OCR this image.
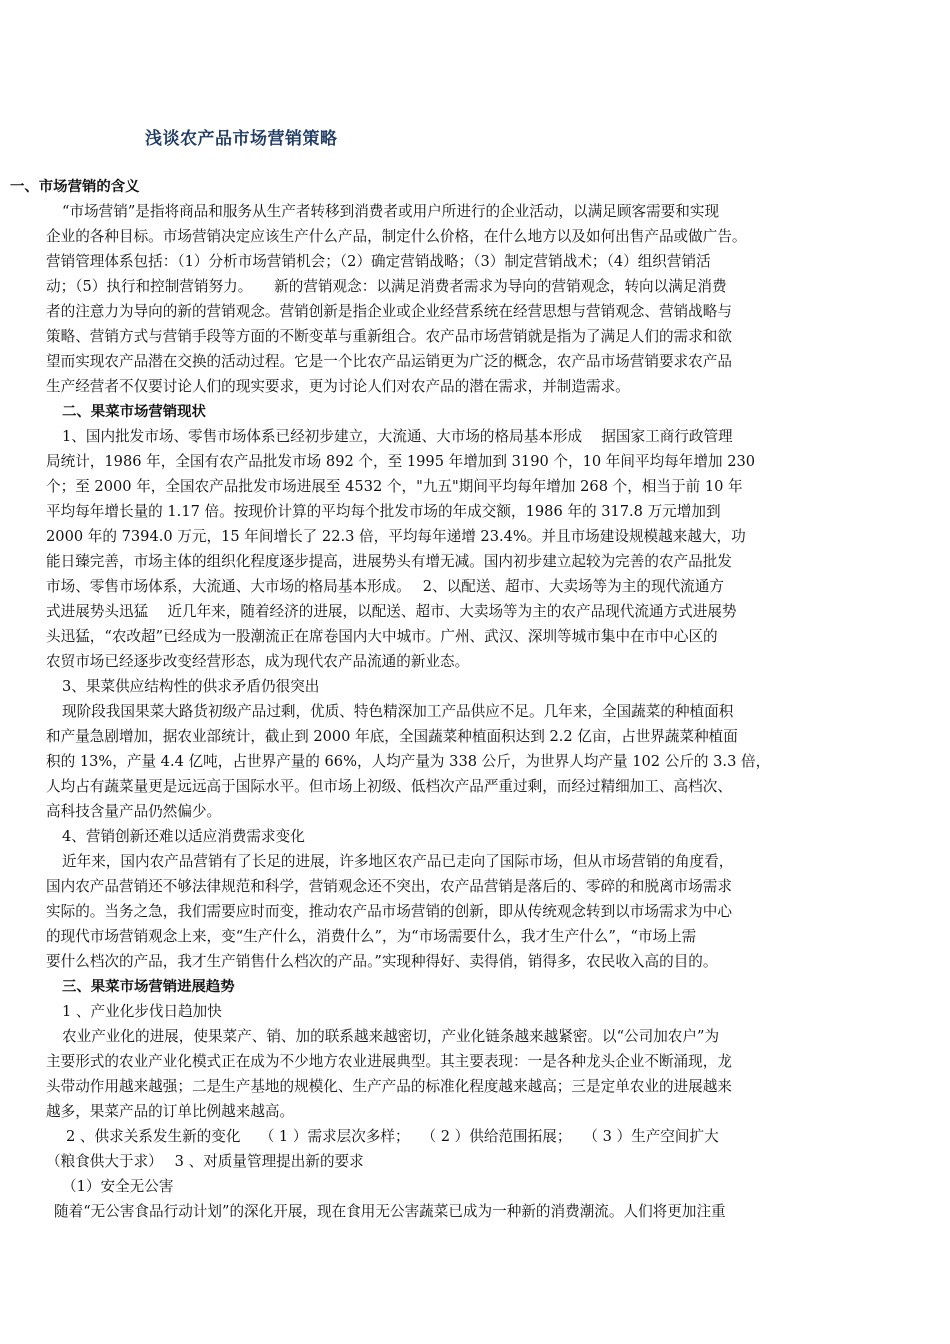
浅谈农产品市场营销策略
一、市场营销的含义
“市场营销”是指将商品和服务从生产者转移到消费者或用户所进行的企业活动，以满足顾客需要和实现
企业的各种目标。市场营销决定应该生产什么产品，制定什么价格，在什么地方以及如何出售产品或做广告。
营销管理体系包括：（1）分析市场营销机会；（2）确定营销战略；（3）制定营销战术；（4）组织营销活
动；（5）执行和控制营销努力。　　新的营销观念：以满足消费者需求为导向的营销观念，转向以满足消费
者的注意力为导向的新的营销观念。营销创新是指企业或企业经营系统在经营思想与营销观念、营销战略与
策略、营销方式与营销手段等方面的不断变革与重新组合。农产品市场营销就是指为了满足人们的需求和欲
望而实现农产品潜在交换的活动过程。它是一个比农产品运销更为广泛的概念，农产品市场营销要求农产品
生产经营者不仅要讨论人们的现实要求，更为讨论人们对农产品的潜在需求，并制造需求。
二、果菜市场营销现状
1、国内批发市场、零售市场体系已经初步建立，大流通、大市场的格局基本形成　 据国家工商行政管理
局统计，1986 年，全国有农产品批发市场 892 个，至 1995 年增加到 3190 个，10 年间平均每年增加 230
个；至 2000 年，全国农产品批发市场进展至 4532 个，"九五"期间平均每年增加 268 个，相当于前 10 年
平均每年增长量的 1.17 倍。按现价计算的平均每个批发市场的年成交额，1986 年的 317.8 万元增加到
2000 年的 7394.0 万元，15 年间增长了 22.3 倍，平均每年递增 23.4%。并且市场建设规模越来越大，功
能日臻完善，市场主体的组织化程度逐步提高，进展势头有增无减。国内初步建立起较为完善的农产品批发
市场、零售市场体系，大流通、大市场的格局基本形成。　 2、以配送、超市、大卖场等为主的现代流通方
式进展势头迅猛　 近几年来，随着经济的进展，以配送、超市、大卖场等为主的农产品现代流通方式进展势
头迅猛，“农改超”已经成为一股潮流正在席卷国内大中城市。广州、武汉、深圳等城市集中在市中心区的
农贸市场已经逐步改变经营形态，成为现代农产品流通的新业态。
3、果菜供应结构性的供求矛盾仍很突出
现阶段我国果菜大路货初级产品过剩，优质、特色精深加工产品供应不足。几年来，全国蔬菜的种植面积
和产量急剧增加，据农业部统计，截止到 2000 年底，全国蔬菜种植面积达到 2.2 亿亩，占世界蔬菜种植面
积的 13%，产量 4.4 亿吨，占世界产量的 66%，人均产量为 338 公斤，为世界人均产量 102 公斤的 3.3 倍，
人均占有蔬菜量更是远远高于国际水平。但市场上初级、低档次产品严重过剩，而经过精细加工、高档次、
高科技含量产品仍然偏少。
4、营销创新还难以适应消费需求变化
近年来，国内农产品营销有了长足的进展，许多地区农产品已走向了国际市场，但从市场营销的角度看，
国内农产品营销还不够法律规范和科学，营销观念还不突出，农产品营销是落后的、零碎的和脱离市场需求
实际的。当务之急，我们需要应时而变，推动农产品市场营销的创新，即从传统观念转到以市场需求为中心
的现代市场营销观念上来，变“生产什么，消费什么”，为“市场需要什么，我才生产什么”，“市场上需
要什么档次的产品，我才生产销售什么档次的产品。”实现种得好、卖得俏，销得多，农民收入高的目的。
三、果菜市场营销进展趋势
1 、产业化步伐日趋加快
农业产业化的进展，使果菜产、销、加的联系越来越密切，产业化链条越来越紧密。以“公司加农户”为
主要形式的农业产业化模式正在成为不少地方农业进展典型。其主要表现：一是各种龙头企业不断涌现，龙
头带动作用越来越强；二是生产基地的规模化、生产产品的标准化程度越来越高；三是定单农业的进展越来
越多，果菜产品的订单比例越来越高。
2 、供求关系发生新的变化　 （ 1 ）需求层次多样；　 （ 2 ）供给范围拓展；　 （ 3 ）生产空间扩大
（粮食供大于求）　 3 、对质量管理提出新的要求
（1）安全无公害
随着“无公害食品行动计划”的深化开展，现在食用无公害蔬菜已成为一种新的消费潮流。人们将更加注重
